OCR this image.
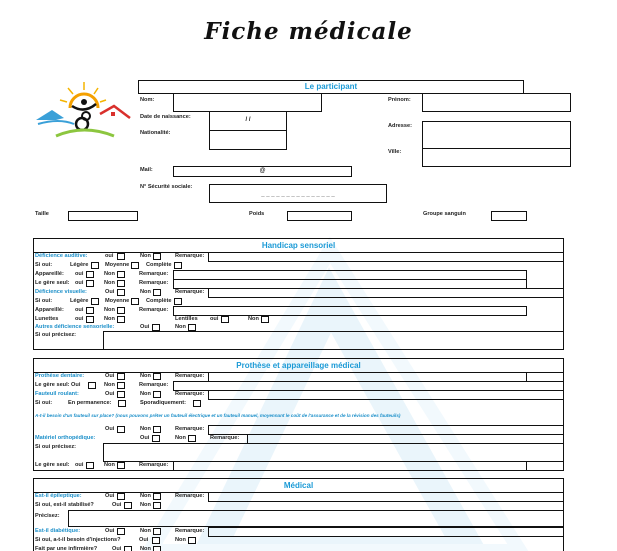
Fiche médicale
Le participant
Nom:	Prénom:
Date de naissance:	/ /
Nationalité:
Adresse:
Ville:
Mail:	@
N° Sécurité sociale:
_ _ _ _ _ _ _ _ _ _ _ _ _ _ _
Taille	Poids	Groupe sanguin
Handicap sensoriel
Déficience auditive:	oui	Non	Remarque:
Si oui:	Légère	Moyenne	Complète
Appareillé: oui	Non	Remarque:
Le gère seul: oui	Non	Remarque:
Déficience visuelle:	Oui	Non	Remarque:
Si oui:	Légère	Moyenne	Complète
Appareillé: oui	Non	Remarque:
Lunettes	oui	Non	Lentilles oui	Non
Autres déficience sensorielle:	Oui	Non
Si oui précisez:
Prothèse et appareillage médical
Prothèse dentaire:	Oui	Non	Remarque:
Le gère seul: Oui	Non	Remarque:
Fauteuil roulant:	Oui	Non	Remarque:
Si oui:	En permanence:	Sporadiquement:
A-t-il besoin d'un fauteuil sur place? (nous pouvons prêter un fauteuil électrique et un fauteuil manuel, moyennant le coût de l'assurance et de la révision des fauteuils)
Oui	Non	Remarque:
Matériel orthopédique:	Oui	Non	Remarque:
Si oui précisez:
Le gère seul: oui	Non	Remarque:
Médical
Est-il épileptique:	Oui	Non	Remarque:
Si oui, est-il stabilisé?	Oui	Non
Précisez:
Est-il diabétique:	Oui	Non	Remarque:
Si oui, a-t-il besoin d'injections?	Oui	Non
Fait par une infirmière?	Oui	Non
